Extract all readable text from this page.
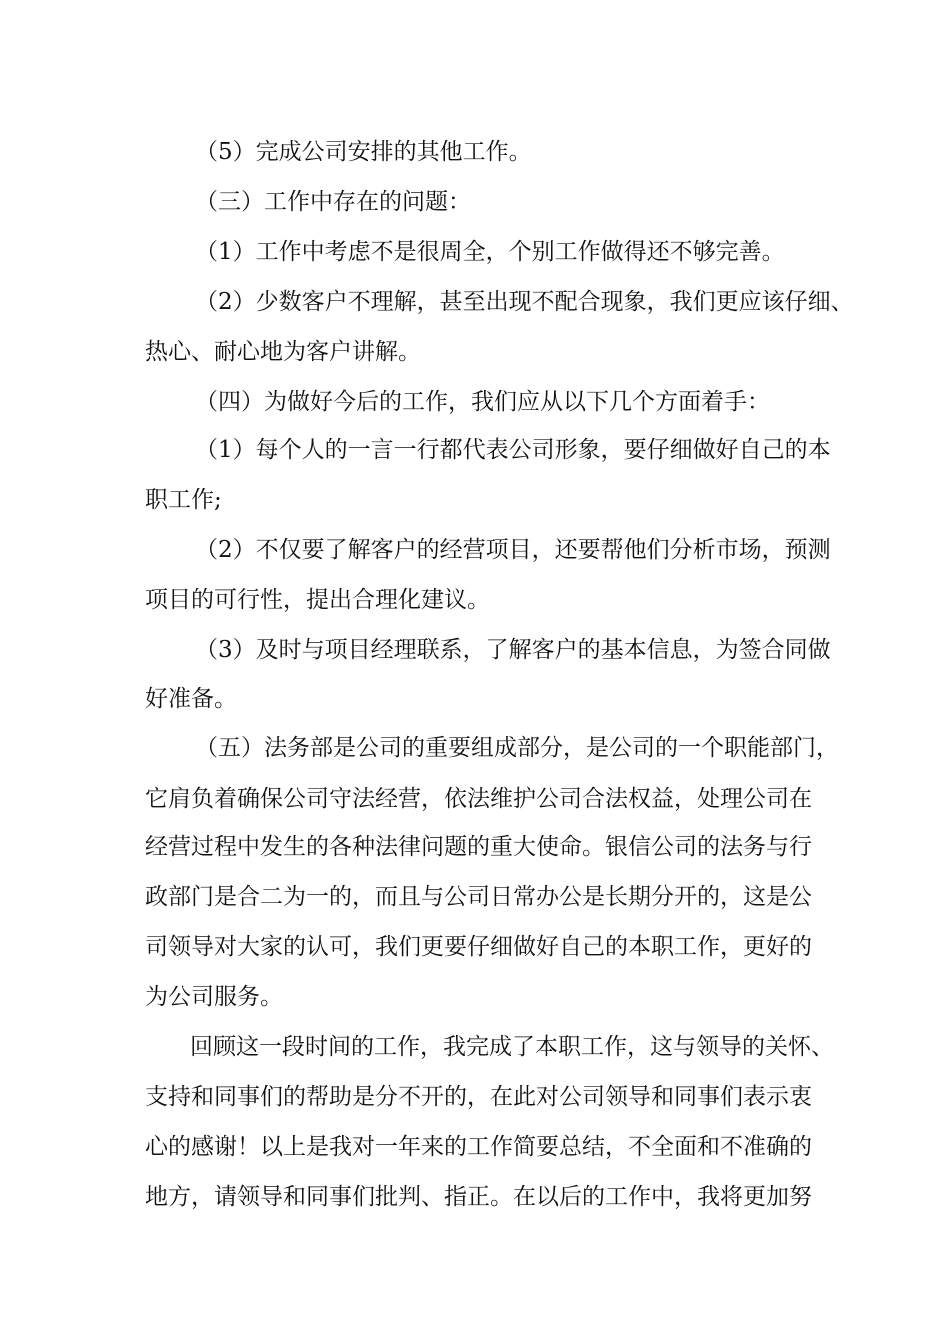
（5）完成公司安排的其他工作。

（三）工作中存在的问题：

（1）工作中考虑不是很周全，个别工作做得还不够完善。

（2）少数客户不理解，甚至出现不配合现象，我们更应该仔细、

热心、耐心地为客户讲解。

（四）为做好今后的工作，我们应从以下几个方面着手：

（1）每个人的一言一行都代表公司形象，要仔细做好自己的本

职工作;

（2）不仅要了解客户的经营项目，还要帮他们分析市场，预测

项目的可行性，提出合理化建议。

（3）及时与项目经理联系，了解客户的基本信息，为签合同做

好准备。

（五）法务部是公司的重要组成部分，是公司的一个职能部门，

它肩负着确保公司守法经营，依法维护公司合法权益，处理公司在

经营过程中发生的各种法律问题的重大使命。银信公司的法务与行

政部门是合二为一的，而且与公司日常办公是长期分开的，这是公

司领导对大家的认可，我们更要仔细做好自己的本职工作，更好的

为公司服务。

回顾这一段时间的工作，我完成了本职工作，这与领导的关怀、

支持和同事们的帮助是分不开的，在此对公司领导和同事们表示衷

心的感谢！以上是我对一年来的工作简要总结，不全面和不准确的

地方，请领导和同事们批判、指正。在以后的工作中，我将更加努
